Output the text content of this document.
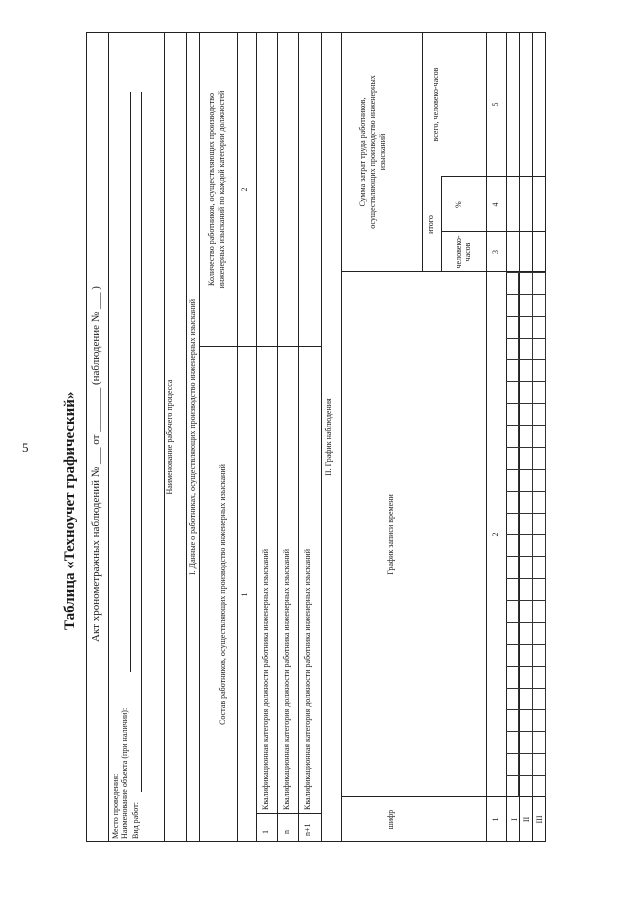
5 Таблица «Техноучет графический» Акт хронометражных наблюдений № ___ от ________ (наблюдение № ___ )
Место проведения: Наименование объекта (при наличии): Вид работ:
Наименование рабочего процесса I. Данные о работниках, осуществляющих производство инженерных изысканий
Состав работников, осуществляющих производство инженерных изысканий
Количество работников, осуществляющих производство инженерных изысканий по каждой категории должностей
1
2
1
Квалификационная категория должности работника инженерных изысканий
n
Квалификационная категория должности работника инженерных изысканий
n+1
Квалификационная категория должности работника инженерных изысканий
II. График наблюдения
шифр
График записи времени
Сумма затрат труда работников, осуществляющих производство инженерных изысканий
итого
человеко-часов
%
всего, человеко-часов
1
2
3
4
5
I II III
